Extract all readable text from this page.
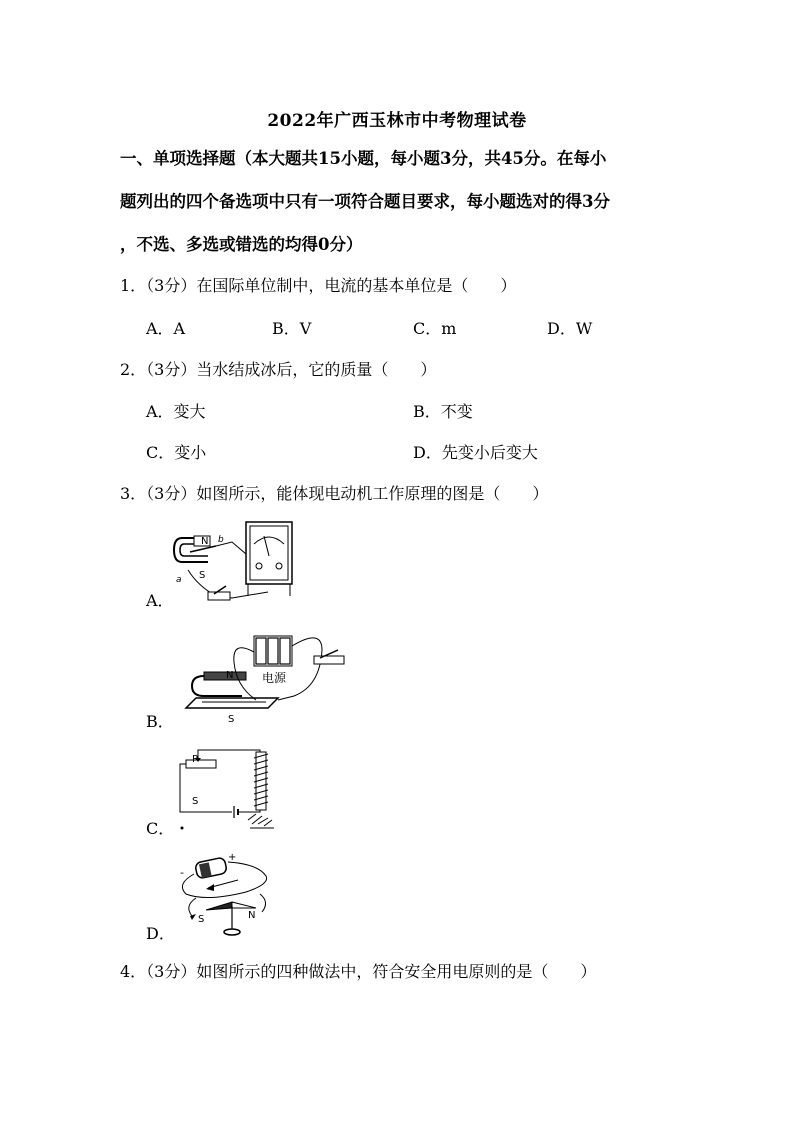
2022年广西玉林市中考物理试卷
一、单项选择题（本大题共15小题，每小题3分，共45分。在每小
题列出的四个备选项中只有一项符合题目要求，每小题选对的得3分
，不选、多选或错选的均得0分）
1．（3分）在国际单位制中，电流的基本单位是（　　）
A．A	B．V	C．m	D．W
2．（3分）当水结成冰后，它的质量（　　）
A．变大	B．不变
C．变小	D．先变小后变大
3．（3分）如图所示，能体现电动机工作原理的图是（　　）
A．
N
S
b
a
B．
N
S
电源
C．
P
S
D．
S	N
-
+
4．（3分）如图所示的四种做法中，符合安全用电原则的是（　　）
